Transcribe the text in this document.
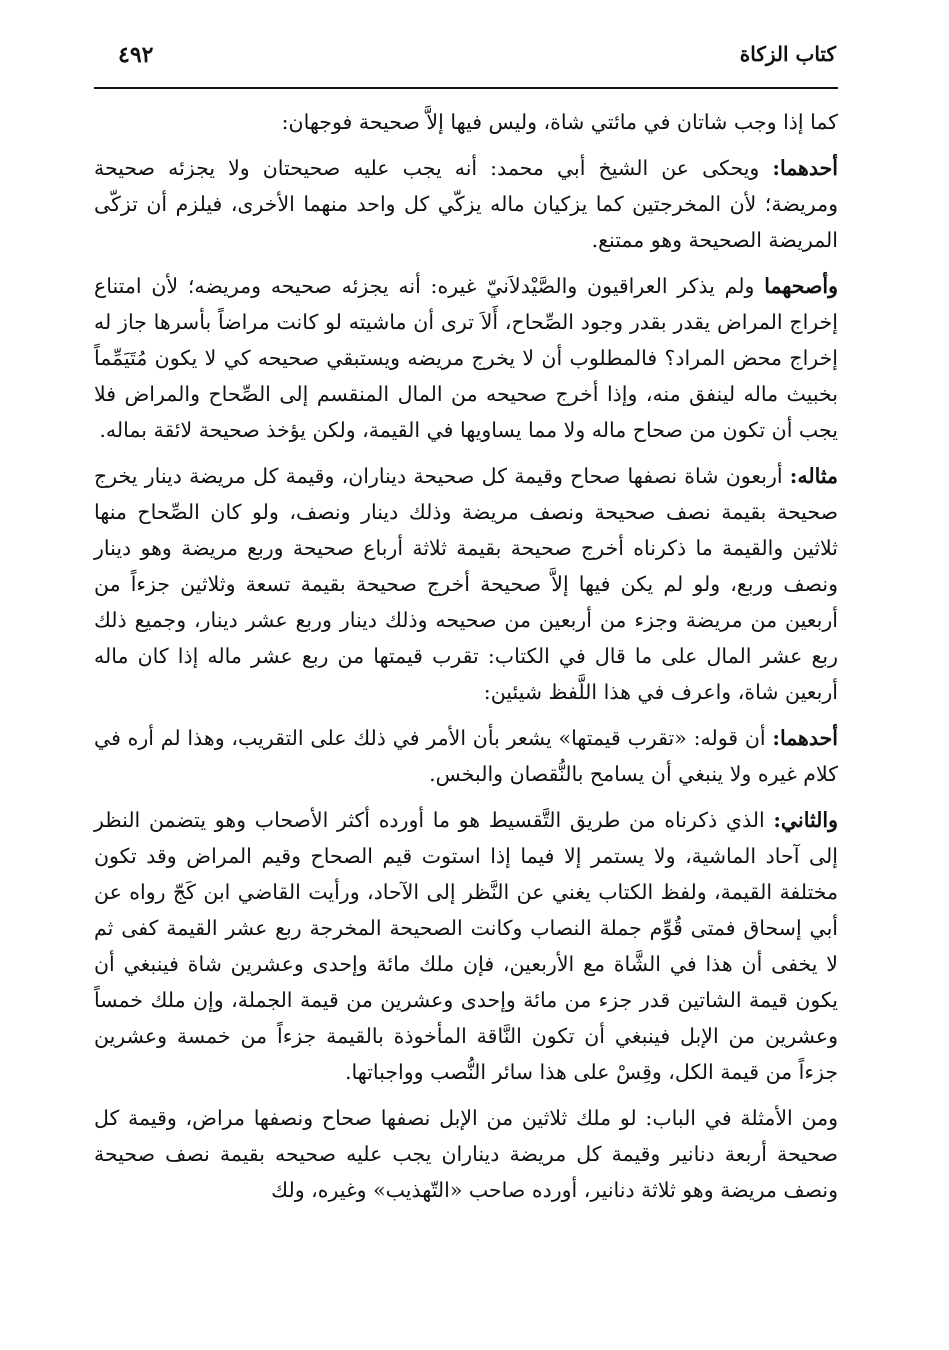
٤٩٢	كتاب الزكاة

كما إذا وجب شاتان في مائتي شاة، وليس فيها إلاَّ صحيحة فوجهان:

أحدهما: ويحكى عن الشيخ أبي محمد: أنه يجب عليه صحيحتان ولا يجزئه صحيحة ومريضة؛ لأن المخرجتين كما يزكيان ماله يزكّي كل واحد منهما الأخرى، فيلزم أن تزكّى المريضة الصحيحة وهو ممتنع.

وأصحهما ولم يذكر العراقيون والصَّيْدلاَنيّ غيره: أنه يجزئه صحيحه ومريضه؛ لأن امتناع إخراج المراض يقدر بقدر وجود الصِّحاح، أَلاَ ترى أن ماشيته لو كانت مراضاً بأسرها جاز له إخراج محض المراد؟ فالمطلوب أن لا يخرج مريضه ويستبقي صحيحه كي لا يكون مُتَيَمِّماً بخبيث ماله لينفق منه، وإذا أخرج صحيحه من المال المنقسم إلى الصِّحاح والمراض فلا يجب أن تكون من صحاح ماله ولا مما يساويها في القيمة، ولكن يؤخذ صحيحة لائقة بماله.

مثاله: أربعون شاة نصفها صحاح وقيمة كل صحيحة ديناران، وقيمة كل مريضة دينار يخرج صحيحة بقيمة نصف صحيحة ونصف مريضة وذلك دينار ونصف، ولو كان الصِّحاح منها ثلاثين والقيمة ما ذكرناه أخرج صحيحة بقيمة ثلاثة أرباع صحيحة وربع مريضة وهو دينار ونصف وربع، ولو لم يكن فيها إلاَّ صحيحة أخرج صحيحة بقيمة تسعة وثلاثين جزءاً من أربعين من مريضة وجزء من أربعين من صحيحه وذلك دينار وربع عشر دينار، وجميع ذلك ربع عشر المال على ما قال في الكتاب: تقرب قيمتها من ربع عشر ماله إذا كان ماله أربعين شاة، واعرف في هذا اللَّفظ شيئين:

أحدهما: أن قوله: «تقرب قيمتها» يشعر بأن الأمر في ذلك على التقريب، وهذا لم أره في كلام غيره ولا ينبغي أن يسامح بالنُّقصان والبخس.

والثاني: الذي ذكرناه من طريق التَّقسيط هو ما أورده أكثر الأصحاب وهو يتضمن النظر إلى آحاد الماشية، ولا يستمر إلا فيما إذا استوت قيم الصحاح وقيم المراض وقد تكون مختلفة القيمة، ولفظ الكتاب يغني عن النَّظر إلى الآحاد، ورأيت القاضي ابن كَجّ رواه عن أبي إسحاق فمتى قُوِّم جملة النصاب وكانت الصحيحة المخرجة ربع عشر القيمة كفى ثم لا يخفى أن هذا في الشَّاة مع الأربعين، فإن ملك مائة وإحدى وعشرين شاة فينبغي أن يكون قيمة الشاتين قدر جزء من مائة وإحدى وعشرين من قيمة الجملة، وإن ملك خمساً وعشرين من الإبل فينبغي أن تكون النَّاقة المأخوذة بالقيمة جزءاً من خمسة وعشرين جزءاً من قيمة الكل، وقِسْ على هذا سائر النُّصب وواجباتها.

ومن الأمثلة في الباب: لو ملك ثلاثين من الإبل نصفها صحاح ونصفها مراض، وقيمة كل صحيحة أربعة دنانير وقيمة كل مريضة ديناران يجب عليه صحيحه بقيمة نصف صحيحة ونصف مريضة وهو ثلاثة دنانير، أورده صاحب «التّهذيب» وغيره، ولك
